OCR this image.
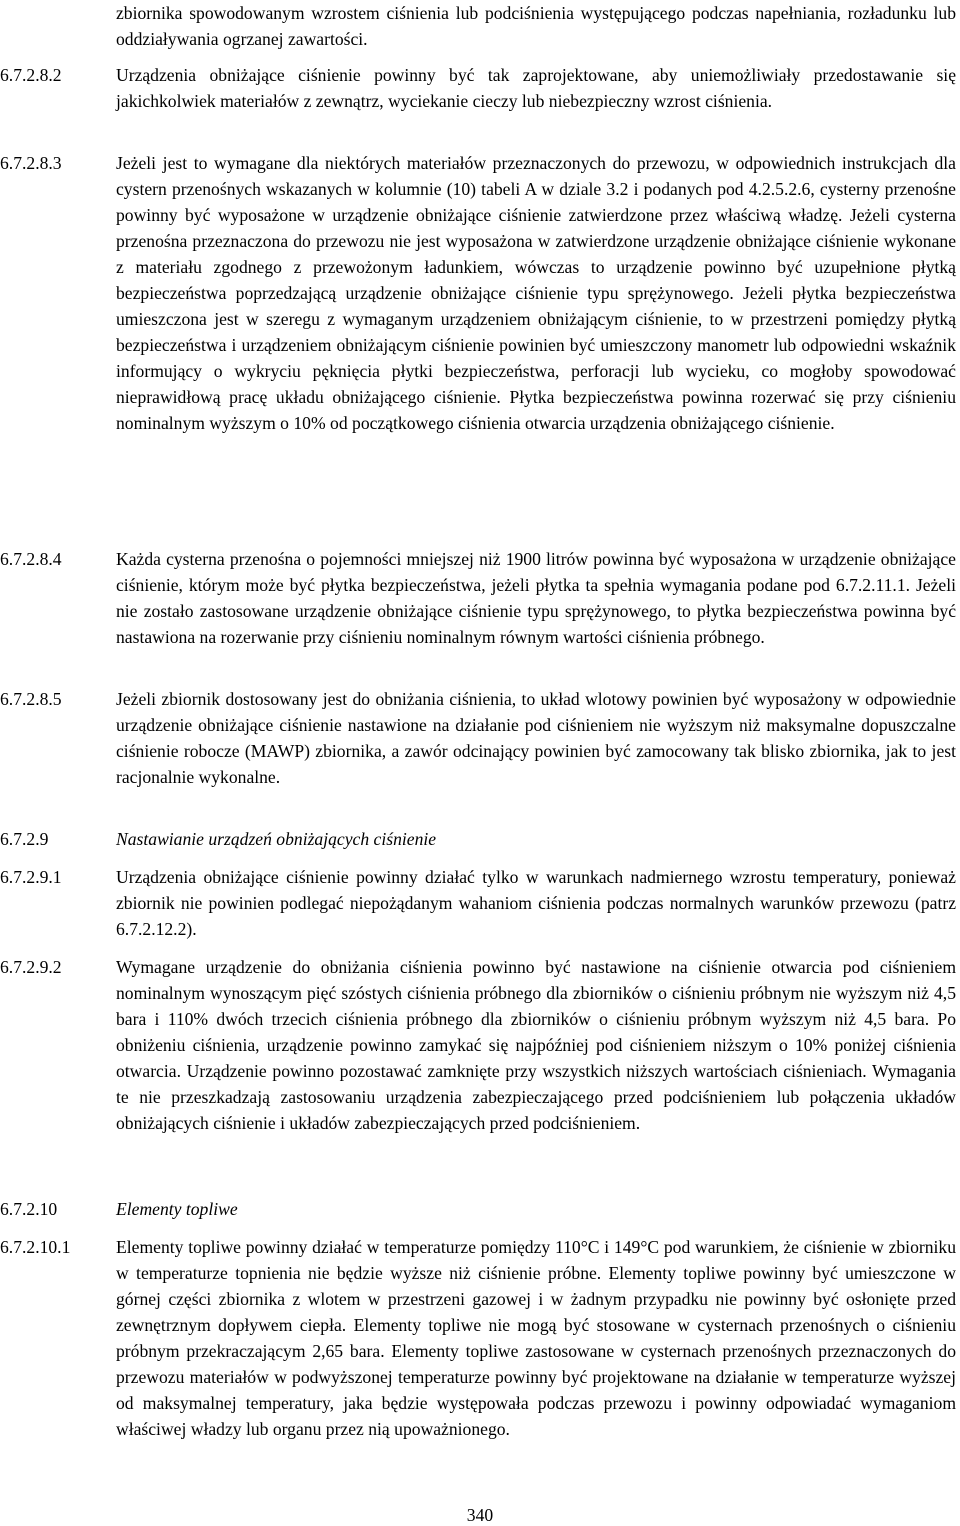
zbiornika spowodowanym wzrostem ciśnienia lub podciśnienia występującego podczas napełniania, rozładunku lub oddziaływania ogrzanej zawartości.
6.7.2.8.2	Urządzenia obniżające ciśnienie powinny być tak zaprojektowane, aby uniemożliwiały przedostawanie się jakichkolwiek materiałów z zewnątrz, wyciekanie cieczy lub niebezpieczny wzrost ciśnienia.
6.7.2.8.3	Jeżeli jest to wymagane dla niektórych materiałów przeznaczonych do przewozu, w odpowiednich instrukcjach dla cystern przenośnych wskazanych w kolumnie (10) tabeli A w dziale 3.2 i podanych pod 4.2.5.2.6, cysterny przenośne powinny być wyposażone w urządzenie obniżające ciśnienie zatwierdzone przez właściwą władzę. Jeżeli cysterna przenośna przeznaczona do przewozu nie jest wyposażona w zatwierdzone urządzenie obniżające ciśnienie wykonane z materiału zgodnego z przewożonym ładunkiem, wówczas to urządzenie powinno być uzupełnione płytką bezpieczeństwa poprzedzającą urządzenie obniżające ciśnienie typu sprężynowego. Jeżeli płytka bezpieczeństwa umieszczona jest w szeregu z wymaganym urządzeniem obniżającym ciśnienie, to w przestrzeni pomiędzy płytką bezpieczeństwa i urządzeniem obniżającym ciśnienie powinien być umieszczony manometr lub odpowiedni wskaźnik informujący o wykryciu pęknięcia płytki bezpieczeństwa, perforacji lub wycieku, co mogłoby spowodować nieprawidłową pracę układu obniżającego ciśnienie. Płytka bezpieczeństwa powinna rozerwać się przy ciśnieniu nominalnym wyższym o 10% od początkowego ciśnienia otwarcia urządzenia obniżającego ciśnienie.
6.7.2.8.4	Każda cysterna przenośna o pojemności mniejszej niż 1900 litrów powinna być wyposażona w urządzenie obniżające ciśnienie, którym może być płytka bezpieczeństwa, jeżeli płytka ta spełnia wymagania podane pod 6.7.2.11.1. Jeżeli nie zostało zastosowane urządzenie obniżające ciśnienie typu sprężynowego, to płytka bezpieczeństwa powinna być nastawiona na rozerwanie przy ciśnieniu nominalnym równym wartości ciśnienia próbnego.
6.7.2.8.5	Jeżeli zbiornik dostosowany jest do obniżania ciśnienia, to układ wlotowy powinien być wyposażony w odpowiednie urządzenie obniżające ciśnienie nastawione na działanie pod ciśnieniem nie wyższym niż maksymalne dopuszczalne ciśnienie robocze (MAWP) zbiornika, a zawór odcinający powinien być zamocowany tak blisko zbiornika, jak to jest racjonalnie wykonalne.
6.7.2.9	Nastawianie urządzeń obniżających ciśnienie
6.7.2.9.1	Urządzenia obniżające ciśnienie powinny działać tylko w warunkach nadmiernego wzrostu temperatury, ponieważ zbiornik nie powinien podlegać niepożądanym wahaniom ciśnienia podczas normalnych warunków przewozu (patrz 6.7.2.12.2).
6.7.2.9.2	Wymagane urządzenie do obniżania ciśnienia powinno być nastawione na ciśnienie otwarcia pod ciśnieniem nominalnym wynoszącym pięć szóstych ciśnienia próbnego dla zbiorników o ciśnieniu próbnym nie wyższym niż 4,5 bara i 110% dwóch trzecich ciśnienia próbnego dla zbiorników o ciśnieniu próbnym wyższym niż 4,5 bara. Po obniżeniu ciśnienia, urządzenie powinno zamykać się najpóźniej pod ciśnieniem niższym o 10% poniżej ciśnienia otwarcia. Urządzenie powinno pozostawać zamknięte przy wszystkich niższych wartościach ciśnieniach. Wymagania te nie przeszkadzają zastosowaniu urządzenia zabezpieczającego przed podciśnieniem lub połączenia układów obniżających ciśnienie i układów zabezpieczających przed podciśnieniem.
6.7.2.10	Elementy topliwe
6.7.2.10.1	Elementy topliwe powinny działać w temperaturze pomiędzy 110°C i 149°C pod warunkiem, że ciśnienie w zbiorniku w temperaturze topnienia nie będzie wyższe niż ciśnienie próbne. Elementy topliwe powinny być umieszczone w górnej części zbiornika z wlotem w przestrzeni gazowej i w żadnym przypadku nie powinny być osłonięte przed zewnętrznym dopływem ciepła. Elementy topliwe nie mogą być stosowane w cysternach przenośnych o ciśnieniu próbnym przekraczającym 2,65 bara. Elementy topliwe zastosowane w cysternach przenośnych przeznaczonych do przewozu materiałów w podwyższonej temperaturze powinny być projektowane na działanie w temperaturze wyższej od maksymalnej temperatury, jaka będzie występowała podczas przewozu i powinny odpowiadać wymaganiom właściwej władzy lub organu przez nią upoważnionego.
340
